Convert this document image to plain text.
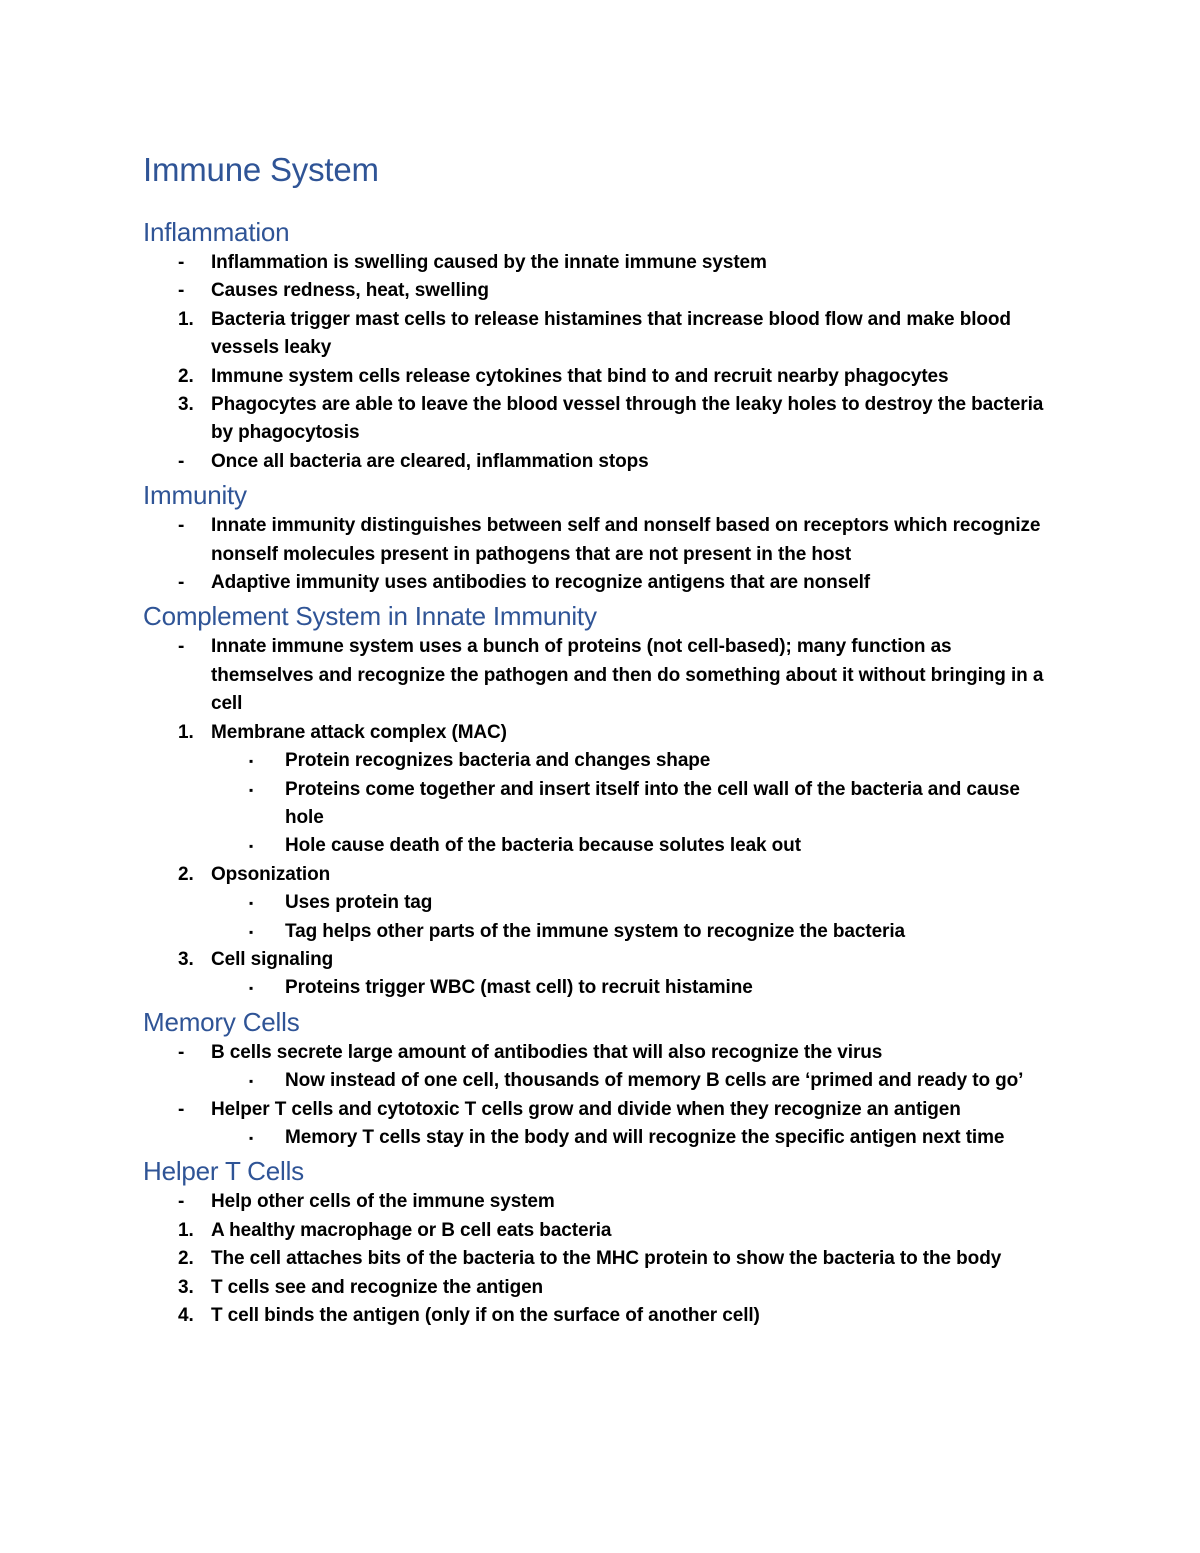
Immune System
Inflammation
- Inflammation is swelling caused by the innate immune system
- Causes redness, heat, swelling
1. Bacteria trigger mast cells to release histamines that increase blood flow and make blood vessels leaky
2. Immune system cells release cytokines that bind to and recruit nearby phagocytes
3. Phagocytes are able to leave the blood vessel through the leaky holes to destroy the bacteria by phagocytosis
- Once all bacteria are cleared, inflammation stops
Immunity
- Innate immunity distinguishes between self and nonself based on receptors which recognize nonself molecules present in pathogens that are not present in the host
- Adaptive immunity uses antibodies to recognize antigens that are nonself
Complement System in Innate Immunity
- Innate immune system uses a bunch of proteins (not cell-based); many function as themselves and recognize the pathogen and then do something about it without bringing in a cell
1. Membrane attack complex (MAC)
▪ Protein recognizes bacteria and changes shape
▪ Proteins come together and insert itself into the cell wall of the bacteria and cause hole
▪ Hole cause death of the bacteria because solutes leak out
2. Opsonization
▪ Uses protein tag
▪ Tag helps other parts of the immune system to recognize the bacteria
3. Cell signaling
▪ Proteins trigger WBC (mast cell) to recruit histamine
Memory Cells
- B cells secrete large amount of antibodies that will also recognize the virus
▪ Now instead of one cell, thousands of memory B cells are ‘primed and ready to go’
- Helper T cells and cytotoxic T cells grow and divide when they recognize an antigen
▪ Memory T cells stay in the body and will recognize the specific antigen next time
Helper T Cells
- Help other cells of the immune system
1. A healthy macrophage or B cell eats bacteria
2. The cell attaches bits of the bacteria to the MHC protein to show the bacteria to the body
3. T cells see and recognize the antigen
4. T cell binds the antigen (only if on the surface of another cell)
